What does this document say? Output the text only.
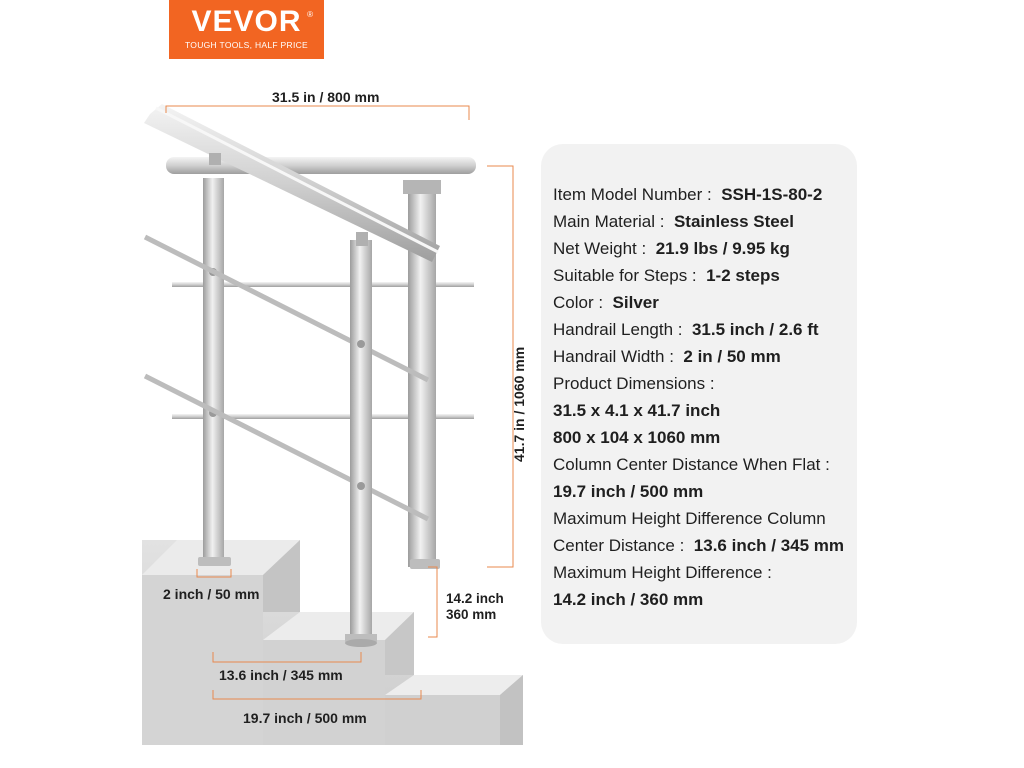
VEVOR ®
TOUGH TOOLS, HALF PRICE
31.5 in / 800 mm
41.7 in / 1060 mm
2 inch / 50 mm	14.2 inch
360 mm
13.6 inch / 345 mm
19.7 inch / 500 mm
Item Model Number : SSH-1S-80-2
Main Material : Stainless Steel
Net Weight : 21.9 lbs / 9.95 kg
Suitable for Steps : 1-2 steps
Color : Silver
Handrail Length : 31.5 inch / 2.6 ft
Handrail Width : 2 in / 50 mm
Product Dimensions :
31.5 x 4.1 x 41.7 inch
800 x 104 x 1060 mm
Column Center Distance When Flat :
19.7 inch / 500 mm
Maximum Height Difference Column
Center Distance : 13.6 inch / 345 mm
Maximum Height Difference :
14.2 inch / 360 mm
